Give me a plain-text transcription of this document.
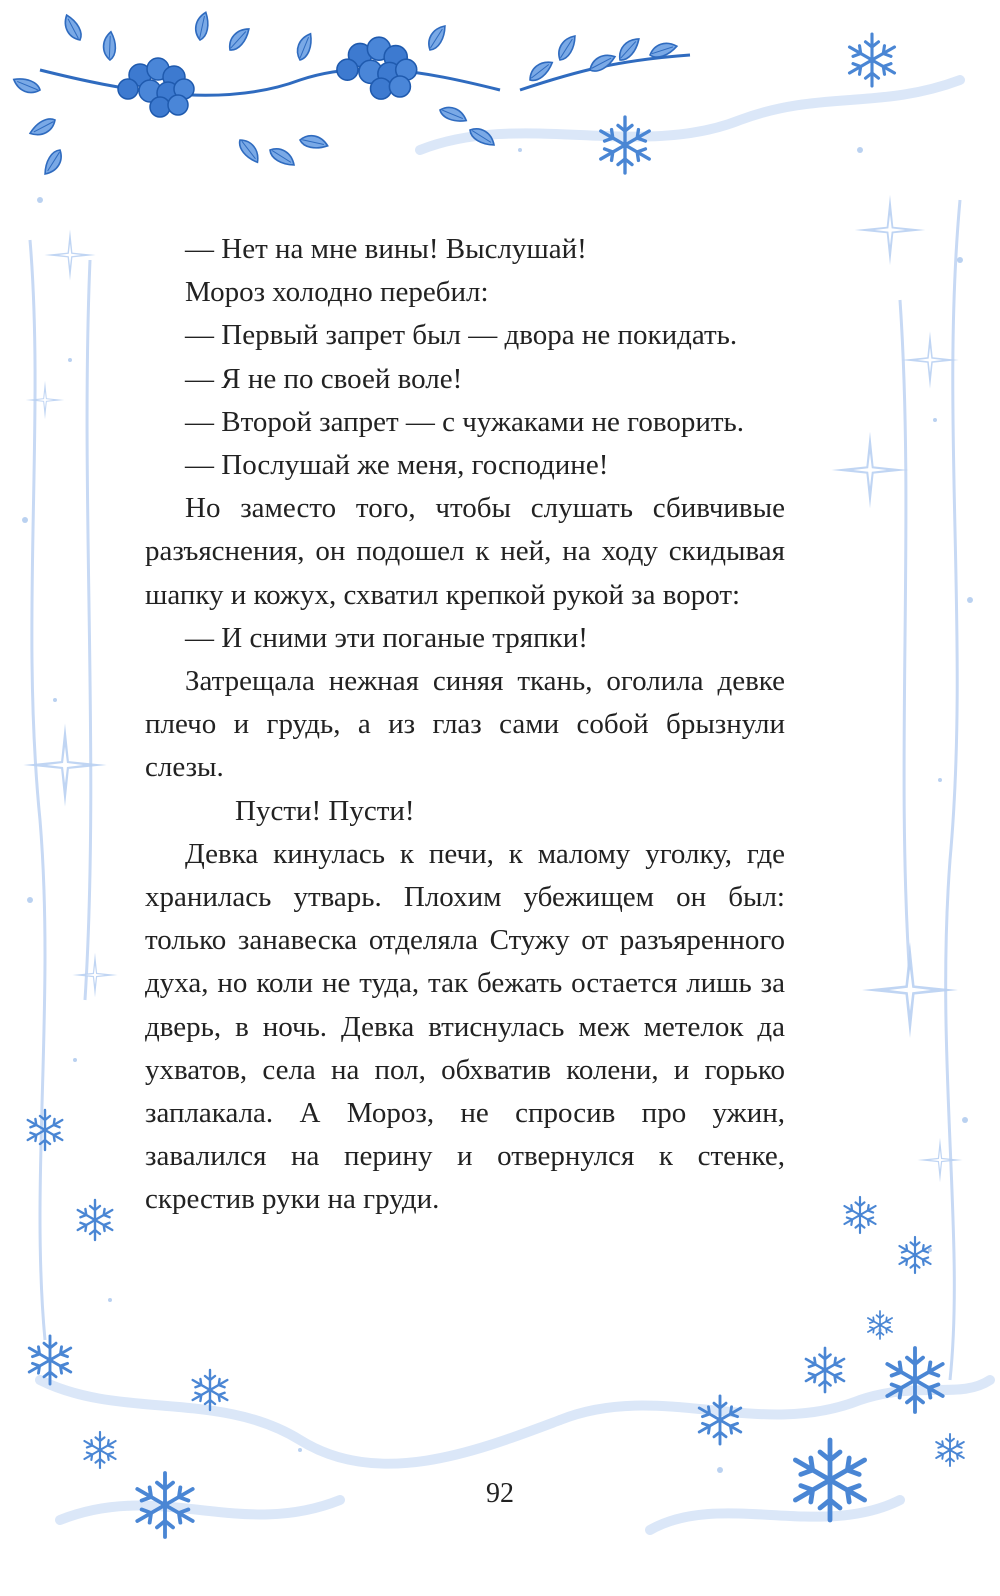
— Нет на мне вины! Выслушай!

Мороз холодно перебил:

— Первый запрет был — двора не покидать.

— Я не по своей воле!

— Второй запрет — с чужаками не говорить.

— Послушай же меня, господине!

Но заместо того, чтобы слушать сбивчивые разъяснения, он подошел к ней, на ходу скидывая шапку и кожух, схватил крепкой рукой за ворот:

— И сними эти поганые тряпки!

Затрещала нежная синяя ткань, оголила девке плечо и грудь, а из глаз сами собой брызнули слезы.

Пусти! Пусти!

Девка кинулась к печи, к малому уголку, где хранилась утварь. Плохим убежищем он был: только занавеска отделяла Стужу от разъяренного духа, но коли не туда, так бежать остается лишь за дверь, в ночь. Девка втиснулась меж метелок да ухватов, села на пол, обхватив колени, и горько заплакала. А Мороз, не спросив про ужин, завалился на перину и отвернулся к стенке, скрестив руки на груди.

92
